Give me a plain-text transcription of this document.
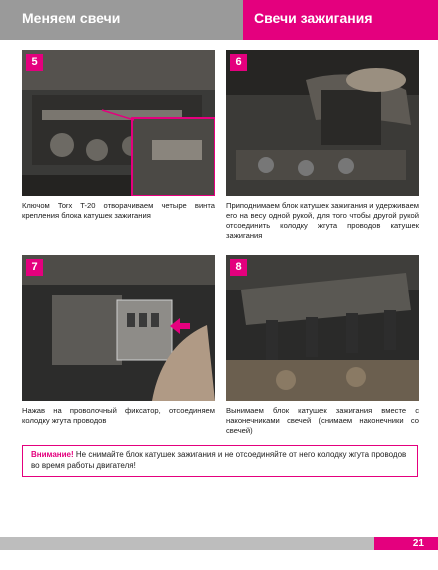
Меняем свечи	Свечи зажигания
5
Ключом Torx T-20 отворачиваем четыре винта крепления блока катушек зажигания
6
Приподнимаем блок катушек зажигания и удерживаем его на весу одной рукой, для того чтобы другой рукой отсоединить колодку жгута проводов катушек зажигания
7
Нажав на проволочный фиксатор, отсоединяем колодку жгута проводов
8
Вынимаем блок катушек зажигания вместе с наконечниками свечей (снимаем наконечники со свечей)
Внимание! Не снимайте блок катушек зажигания и не отсоединяйте от него колодку жгута проводов во время работы двигателя!
21
